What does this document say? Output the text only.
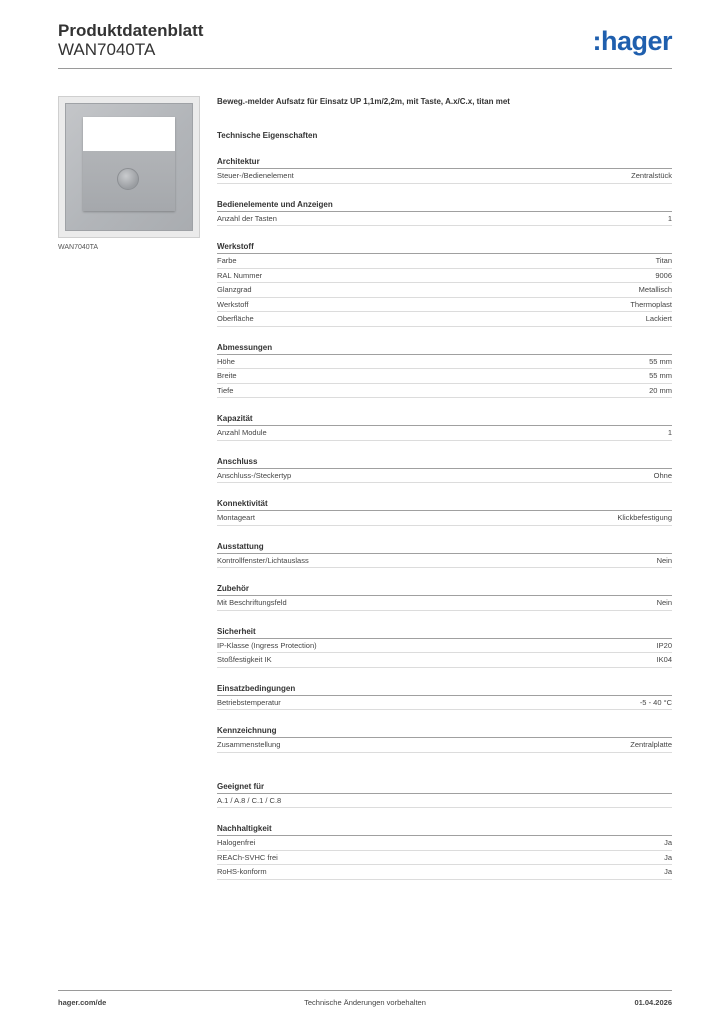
Produktdatenblatt
WAN7040TA	:hager
WAN7040TA
Beweg.-melder Aufsatz für Einsatz UP 1,1m/2,2m, mit Taste, A.x/C.x, titan met
Technische Eigenschaften
Architektur
Steuer-/Bedienelement	Zentralstück
Bedienelemente und Anzeigen
Anzahl der Tasten	1
Werkstoff
Farbe	Titan
RAL Nummer	9006
Glanzgrad	Metallisch
Werkstoff	Thermoplast
Oberfläche	Lackiert
Abmessungen
Höhe	55 mm
Breite	55 mm
Tiefe	20 mm
Kapazität
Anzahl Module	1
Anschluss
Anschluss-/Steckertyp	Ohne
Konnektivität
Montageart	Klickbefestigung
Ausstattung
Kontrollfenster/Lichtauslass	Nein
Zubehör
Mit Beschriftungsfeld	Nein
Sicherheit
IP-Klasse (Ingress Protection)	IP20
Stoßfestigkeit IK	IK04
Einsatzbedingungen
Betriebstemperatur	-5 - 40 °C
Kennzeichnung
Zusammenstellung	Zentralplatte
Geeignet für
A.1 / A.8 / C.1 / C.8
Nachhaltigkeit
Halogenfrei	Ja
REACh-SVHC frei	Ja
RoHS-konform	Ja
hager.com/de	Technische Änderungen vorbehalten	01.04.2026
